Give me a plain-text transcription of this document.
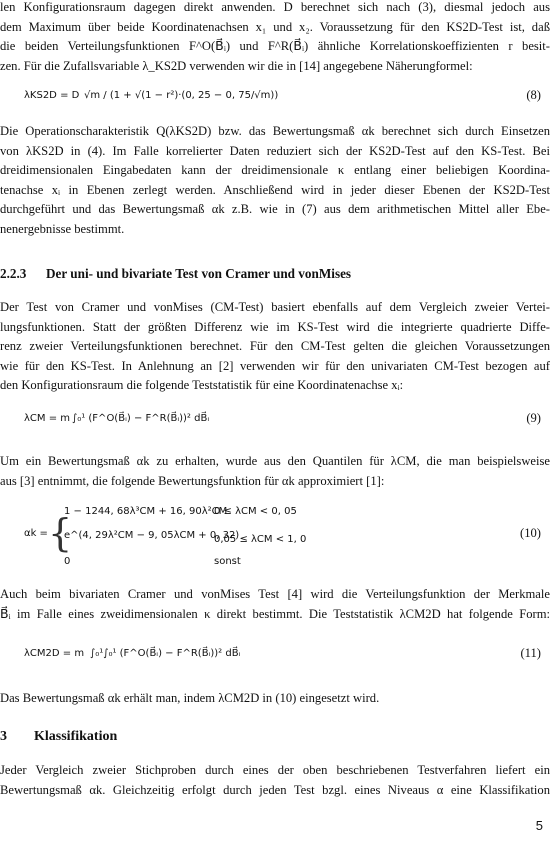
len Konfigurationsraum dagegen direkt anwenden. D berechnet sich nach (3), diesmal jedoch aus
dem Maximum über beide Koordinatenachsen x₁ und x₂. Voraussetzung für den KS2D-Test ist, daß
die beiden Verteilungsfunktionen F^O(B⃗ᵢ) und F^R(B⃗ᵢ) ähnliche Korrelationskoeffizienten r besit-
zen. Für die Zufallsvariable λ_KS2D verwenden wir die in [14] angegebene Näherungformel:
λKS2D = D √m / (1 + √(1 − r²)·(0, 25 − 0, 75/√m))	(8)
Die Operationscharakteristik Q(λKS2D) bzw. das Bewertungsmaß αk berechnet sich durch Einsetzen
von λKS2D in (4). Im Falle korrelierter Daten reduziert sich der KS2D-Test auf den KS-Test. Bei
dreidimensionalen Eingabedaten kann der dreidimensionale κ entlang einer beliebigen Koordina-
tenachse xᵢ in Ebenen zerlegt werden. Anschließend wird in jeder dieser Ebenen der KS2D-Test
durchgeführt und das Bewertungsmaß αk z.B. wie in (7) aus dem arithmetischen Mittel aller Ebe-
nenergebnisse bestimmt.
2.2.3 Der uni- und bivariate Test von Cramer und vonMises
Der Test von Cramer und vonMises (CM-Test) basiert ebenfalls auf dem Vergleich zweier Vertei-
lungsfunktionen. Statt der größten Differenz wie im KS-Test wird die integrierte quadrierte Diffe-
renz zweier Verteilungsfunktionen berechnet. Für den CM-Test gelten die gleichen Voraussetzungen
wie für den KS-Test. In Anlehnung an [2] verwenden wir für den univariaten CM-Test bezogen auf
den Konfigurationsraum die folgende Teststatistik für eine Koordinatenachse xᵢ:
λCM = m ∫₀¹ (F^O(B⃗ᵢ) − F^R(B⃗ᵢ))² dB⃗ᵢ	(9)
Um ein Bewertungsmaß αk zu erhalten, wurde aus den Quantilen für λCM, die man beispielsweise
aus [3] entnimmt, die folgende Bewertungsfunktion für αk approximiert [1]:
αk = {
1 − 1244, 68λ³CM + 16, 90λ²CM
0 ≤ λCM < 0, 05
e^(4, 29λ²CM − 9, 05λCM + 0, 32)
0,05 ≤ λCM < 1, 0
0	sonst
(10)
Auch beim bivariaten Cramer und vonMises Test [4] wird die Verteilungsfunktion der Merkmale
B⃗ᵢ im Falle eines zweidimensionalen κ direkt bestimmt. Die Teststatistik λCM2D hat folgende Form:
λCM2D = m ∫₀¹∫₀¹ (F^O(B⃗ᵢ) − F^R(B⃗ᵢ))² dB⃗ᵢ	(11)
Das Bewertungsmaß αk erhält man, indem λCM2D in (10) eingesetzt wird.
3 Klassifikation
Jeder Vergleich zweier Stichproben durch eines der oben beschriebenen Testverfahren liefert ein
Bewertungsmaß αk. Gleichzeitig erfolgt durch jeden Test bzgl. eines Niveaus α eine Klassifikation
5
